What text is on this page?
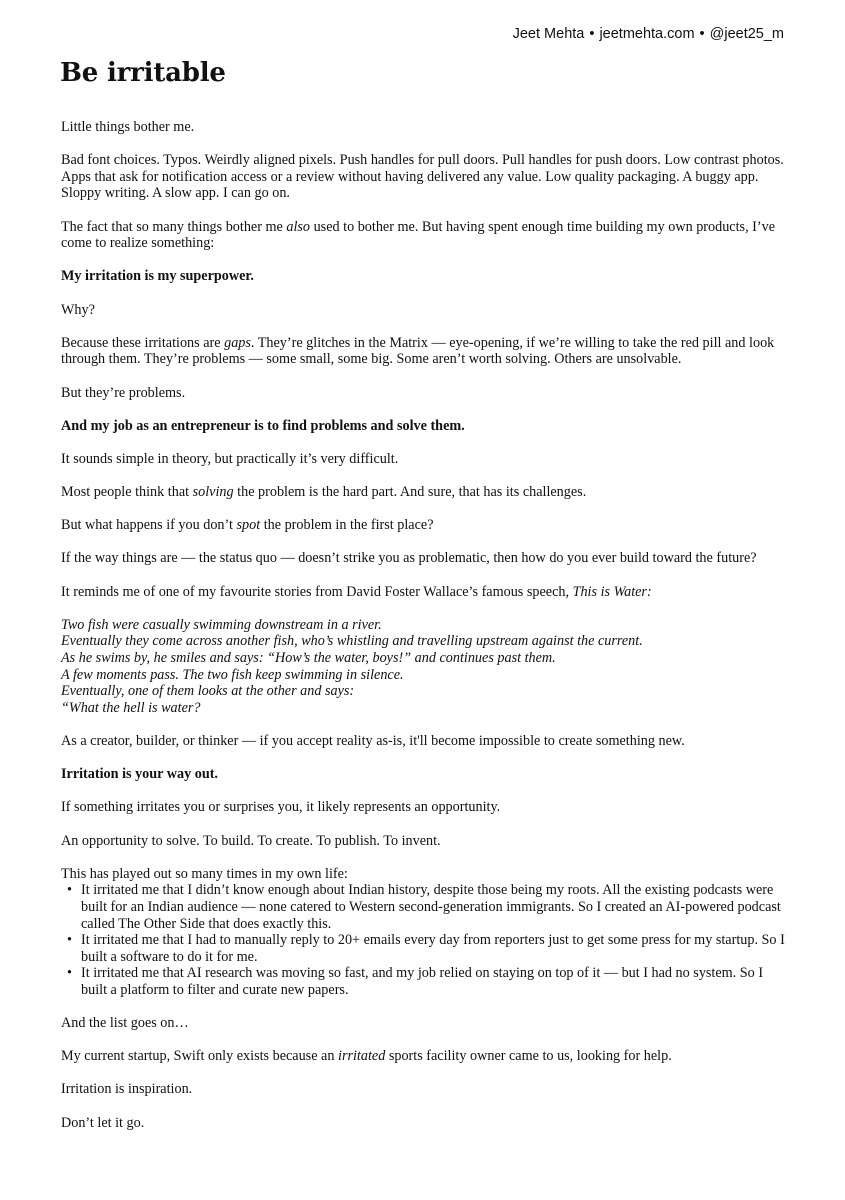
Jeet Mehta • jeetmehta.com • @jeet25_m
Be irritable

Little things bother me.

Bad font choices. Typos. Weirdly aligned pixels. Push handles for pull doors. Pull handles for push doors. Low contrast photos. Apps that ask for notification access or a review without having delivered any value. Low quality packaging. A buggy app. Sloppy writing. A slow app. I can go on.

The fact that so many things bother me also used to bother me. But having spent enough time building my own products, I’ve come to realize something:

My irritation is my superpower.

Why?

Because these irritations are gaps. They’re glitches in the Matrix — eye-opening, if we’re willing to take the red pill and look through them. They’re problems — some small, some big. Some aren’t worth solving. Others are unsolvable.

But they’re problems.

And my job as an entrepreneur is to find problems and solve them.

It sounds simple in theory, but practically it’s very difficult.

Most people think that solving the problem is the hard part. And sure, that has its challenges.

But what happens if you don’t spot the problem in the first place?

If the way things are — the status quo — doesn’t strike you as problematic, then how do you ever build toward the future?

It reminds me of one of my favourite stories from David Foster Wallace’s famous speech, This is Water:

Two fish were casually swimming downstream in a river.
Eventually they come across another fish, who’s whistling and travelling upstream against the current.
As he swims by, he smiles and says: “How’s the water, boys!” and continues past them.
A few moments pass. The two fish keep swimming in silence.
Eventually, one of them looks at the other and says:
“What the hell is water?

As a creator, builder, or thinker — if you accept reality as-is, it'll become impossible to create something new.

Irritation is your way out.

If something irritates you or surprises you, it likely represents an opportunity.

An opportunity to solve. To build. To create. To publish. To invent.

This has played out so many times in my own life:

• It irritated me that I didn’t know enough about Indian history, despite those being my roots. All the existing podcasts were built for an Indian audience — none catered to Western second-generation immigrants. So I created an AI-powered podcast called The Other Side that does exactly this.
• It irritated me that I had to manually reply to 20+ emails every day from reporters just to get some press for my startup. So I built a software to do it for me.
• It irritated me that AI research was moving so fast, and my job relied on staying on top of it — but I had no system. So I built a platform to filter and curate new papers.

And the list goes on…

My current startup, Swift only exists because an irritated sports facility owner came to us, looking for help.

Irritation is inspiration.

Don’t let it go.
